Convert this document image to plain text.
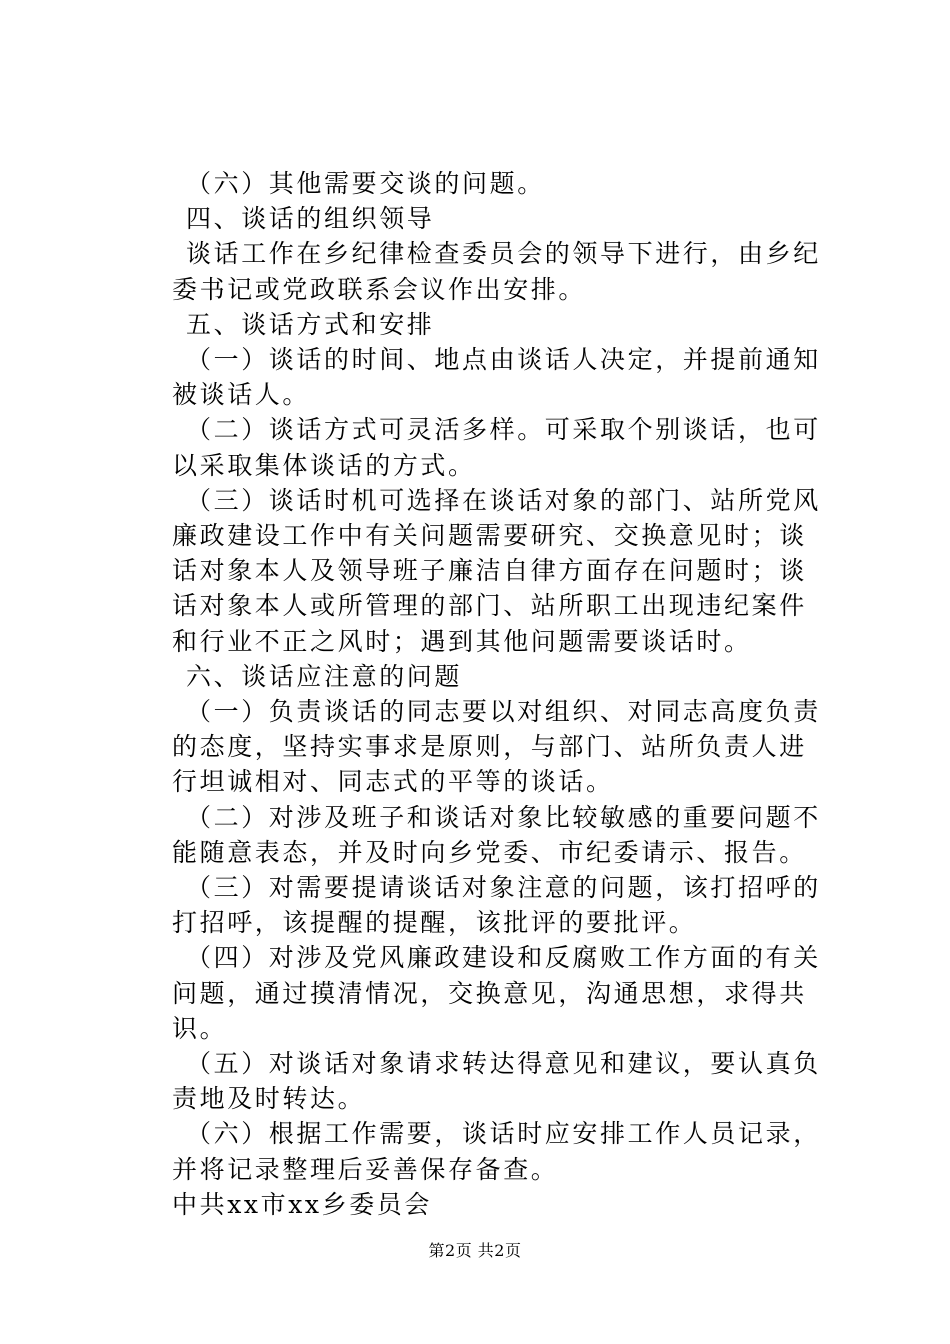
（六）其他需要交谈的问题。

四、谈话的组织领导

谈话工作在乡纪律检查委员会的领导下进行，由乡纪委书记或党政联系会议作出安排。

五、谈话方式和安排

（一）谈话的时间、地点由谈话人决定，并提前通知被谈话人。

（二）谈话方式可灵活多样。可采取个别谈话，也可以采取集体谈话的方式。

（三）谈话时机可选择在谈话对象的部门、站所党风廉政建设工作中有关问题需要研究、交换意见时；谈话对象本人及领导班子廉洁自律方面存在问题时；谈话对象本人或所管理的部门、站所职工出现违纪案件和行业不正之风时；遇到其他问题需要谈话时。

六、谈话应注意的问题

（一）负责谈话的同志要以对组织、对同志高度负责的态度，坚持实事求是原则，与部门、站所负责人进行坦诚相对、同志式的平等的谈话。

（二）对涉及班子和谈话对象比较敏感的重要问题不能随意表态，并及时向乡党委、市纪委请示、报告。

（三）对需要提请谈话对象注意的问题，该打招呼的打招呼，该提醒的提醒，该批评的要批评。

（四）对涉及党风廉政建设和反腐败工作方面的有关问题，通过摸清情况，交换意见，沟通思想，求得共识。

（五）对谈话对象请求转达得意见和建议，要认真负责地及时转达。

（六）根据工作需要，谈话时应安排工作人员记录，并将记录整理后妥善保存备查。

中共xx市xx乡委员会

第2页 共2页
